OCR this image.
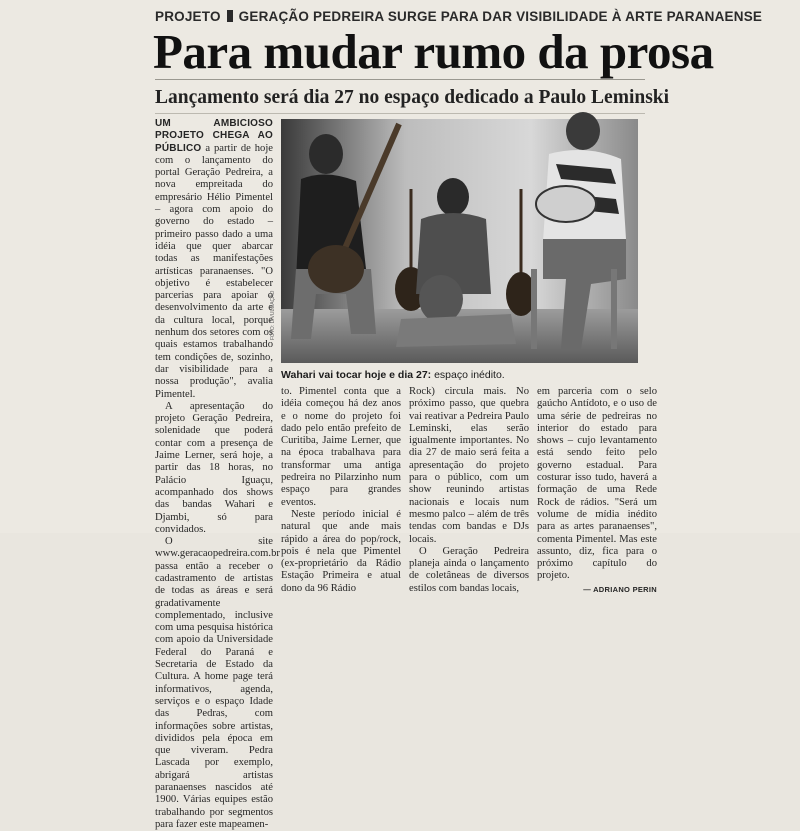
PROJETO GERAÇÃO PEDREIRA SURGE PARA DAR VISIBILIDADE À ARTE PARANAENSE
Para mudar rumo da prosa
Lançamento será dia 27 no espaço dedicado a Paulo Leminski

UM AMBICIOSO PROJETO CHEGA AO PÚBLICO a partir de hoje com o lançamento do portal Geração Pedreira, a nova empreitada do empresário Hélio Pimentel – agora com apoio do governo do estado – primeiro passo dado a uma idéia que quer abarcar todas as manifestações artísticas paranaenses. "O objetivo é estabelecer parcerias para apoiar o desenvolvimento da arte e da cultura local, porque nenhum dos setores com os quais estamos trabalhando tem condições de, sozinho, dar visibilidade para a nossa produção", avalia Pimentel.

A apresentação do projeto Geração Pedreira, solenidade que poderá contar com a presença de Jaime Lerner, será hoje, a partir das 18 horas, no Palácio Iguaçu, acompanhado dos shows das bandas Wahari e Djambi, só para convidados.

O site www.geracaopedreira.com.br passa então a receber o cadastramento de artistas de todas as áreas e será gradativamente complementado, inclusive com uma pesquisa histórica com apoio da Universidade Federal do Paraná e Secretaria de Estado da Cultura. A home page terá informativos, agenda, serviços e o espaço Idade das Pedras, com informações sobre artistas, divididos pela época em que viveram. Pedra Lascada por exemplo, abrigará artistas paranaenses nascidos até 1900. Várias equipes estão trabalhando por segmentos para fazer este mapeamen-

FOTO: DIVULGAÇÃO
Wahari vai tocar hoje e dia 27: espaço inédito.

to. Pimentel conta que a idéia começou há dez anos e o nome do projeto foi dado pelo então prefeito de Curitiba, Jaime Lerner, que na época trabalhava para transformar uma antiga pedreira no Pilarzinho num espaço para grandes eventos.

Neste período inicial é natural que ande mais rápido a área do pop/rock, pois é nela que Pimentel (ex-proprietário da Rádio Estação Primeira e atual dono da 96 Rádio

Rock) circula mais. No próximo passo, que quebra vai reativar a Pedreira Paulo Leminski, elas serão igualmente importantes. No dia 27 de maio será feita a apresentação do projeto para o público, com um show reunindo artistas nacionais e locais num mesmo palco – além de três tendas com bandas e DJs locais.

O Geração Pedreira planeja ainda o lançamento de coletâneas de diversos estilos com bandas locais,

em parceria com o selo gaúcho Antídoto, e o uso de uma série de pedreiras no interior do estado para shows – cujo levantamento está sendo feito pelo governo estadual. Para costurar isso tudo, haverá a formação de uma Rede Rock de rádios. "Será um volume de mídia inédito para as artes paranaenses", comenta Pimentel. Mas este assunto, diz, fica para o próximo capítulo do projeto.

— ADRIANO PERIN
